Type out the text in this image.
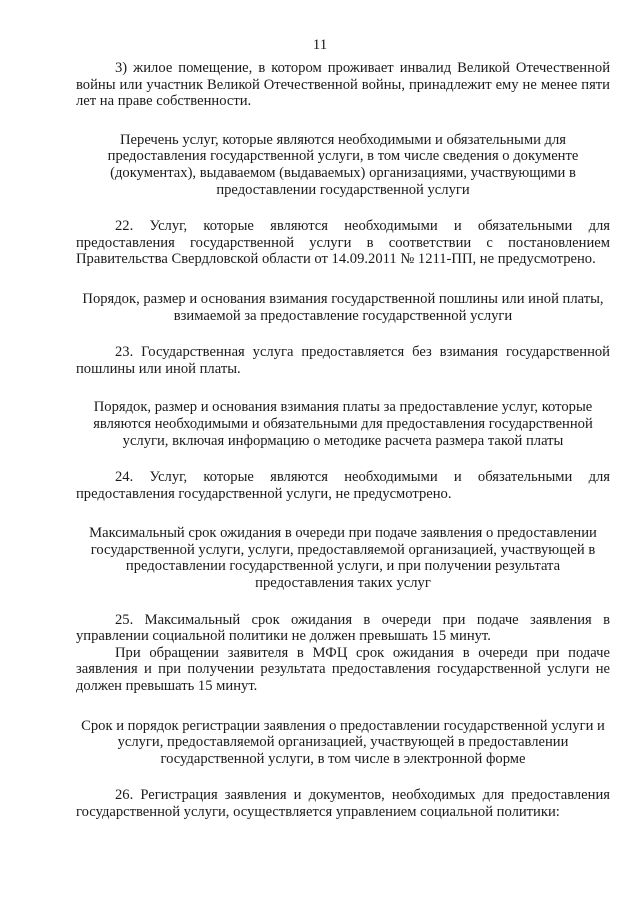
11

3) жилое помещение, в котором проживает инвалид Великой Отечественной войны или участник Великой Отечественной войны, принадлежит ему не менее пяти лет на праве собственности.

Перечень услуг, которые являются необходимыми и обязательными для предоставления государственной услуги, в том числе сведения о документе (документах), выдаваемом (выдаваемых) организациями, участвующими в предоставлении государственной услуги

22. Услуг, которые являются необходимыми и обязательными для предоставления государственной услуги в соответствии с постановлением Правительства Свердловской области от 14.09.2011 № 1211-ПП, не предусмотрено.

Порядок, размер и основания взимания государственной пошлины или иной платы, взимаемой за предоставление государственной услуги

23. Государственная услуга предоставляется без взимания государственной пошлины или иной платы.

Порядок, размер и основания взимания платы за предоставление услуг, которые являются необходимыми и обязательными для предоставления государственной услуги, включая информацию о методике расчета размера такой платы

24. Услуг, которые являются необходимыми и обязательными для предоставления государственной услуги, не предусмотрено.

Максимальный срок ожидания в очереди при подаче заявления о предоставлении государственной услуги, услуги, предоставляемой организацией, участвующей в предоставлении государственной услуги, и при получении результата предоставления таких услуг

25. Максимальный срок ожидания в очереди при подаче заявления в управлении социальной политики не должен превышать 15 минут.

При обращении заявителя в МФЦ срок ожидания в очереди при подаче заявления и при получении результата предоставления государственной услуги не должен превышать 15 минут.

Срок и порядок регистрации заявления о предоставлении государственной услуги и услуги, предоставляемой организацией, участвующей в предоставлении государственной услуги, в том числе в электронной форме

26. Регистрация заявления и документов, необходимых для предоставления государственной услуги, осуществляется управлением социальной политики:
